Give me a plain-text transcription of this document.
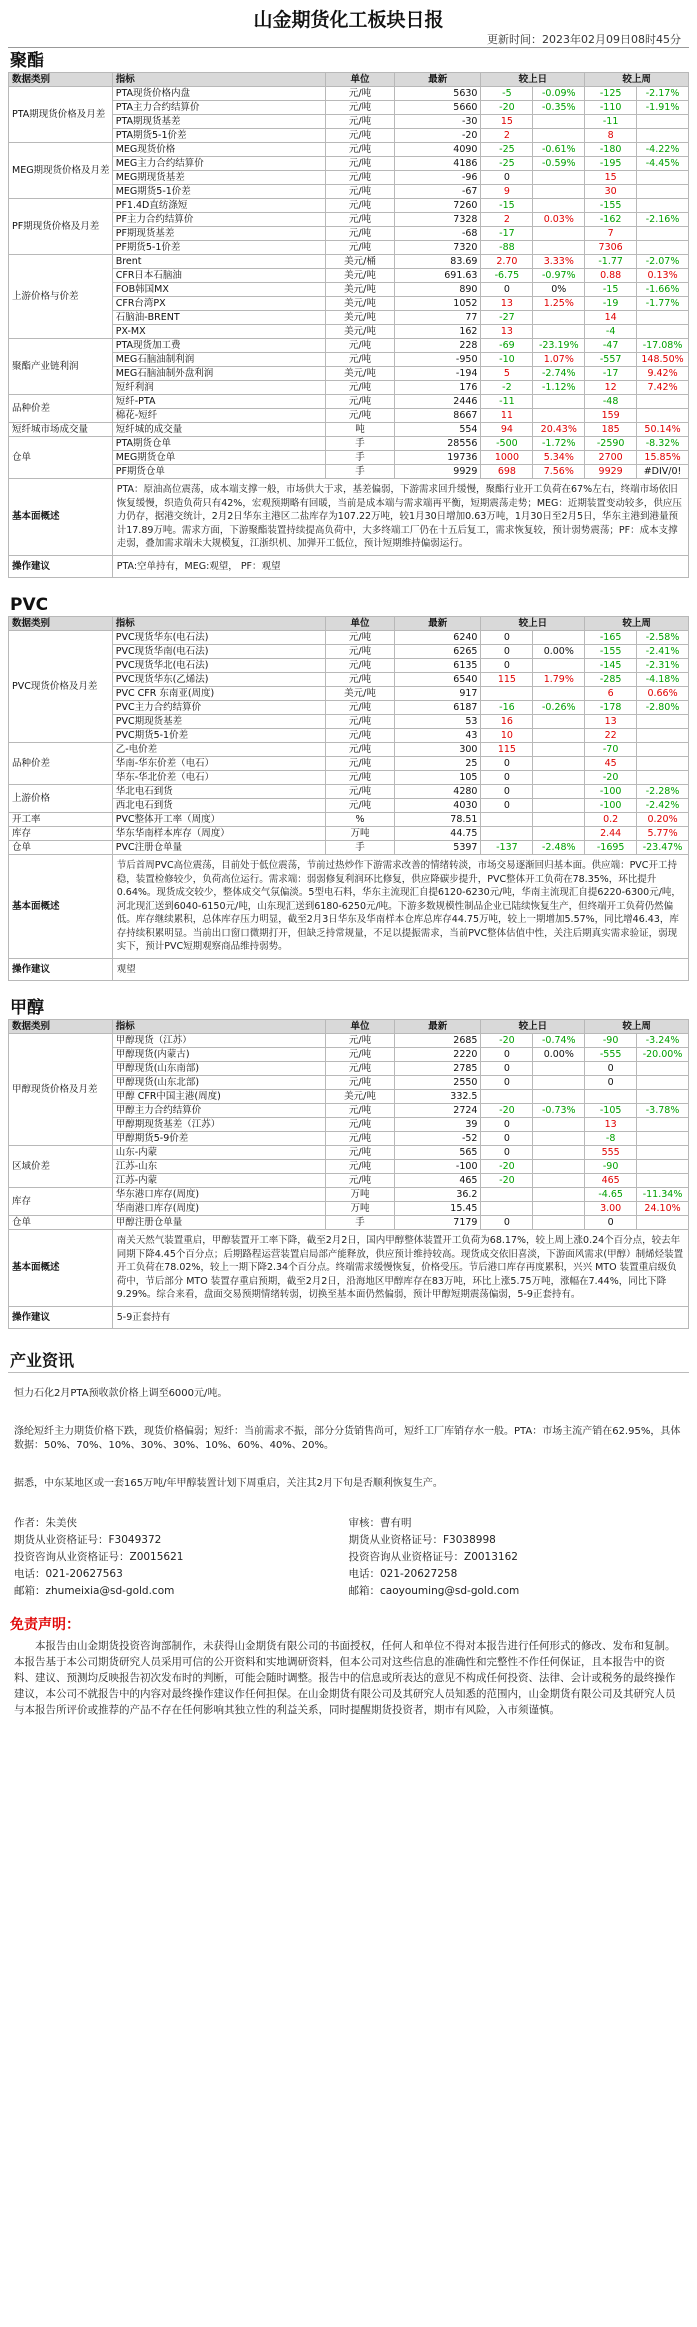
山金期货化工板块日报
更新时间：2023年02月09日08时45分
聚酯
数据类别	指标	单位	最新	较上日		较上周	
PTA期现货价格及月差	PTA现货价格内盘	元/吨	5630	-5	-0.09%	-125	-2.17%
	PTA主力合约结算价	元/吨	5660	-20	-0.35%	-110	-1.91%
	PTA期现货基差	元/吨	-30	15		-11	
	PTA期货5-1价差	元/吨	-20	2		8	
MEG期现货价格及月差	MEG现货价格	元/吨	4090	-25	-0.61%	-180	-4.22%
	MEG主力合约结算价	元/吨	4186	-25	-0.59%	-195	-4.45%
	MEG期现货基差	元/吨	-96	0		15	
	MEG期货5-1价差	元/吨	-67	9		30	
PF期现货价格及月差	PF1.4D直纺涤短	元/吨	7260	-15		-155	
	PF主力合约结算价	元/吨	7328	2	0.03%	-162	-2.16%
	PF期现货基差	元/吨	-68	-17		7	
	PF期货5-1价差	元/吨	7320	-88		7306	
上游价格与价差	Brent	美元/桶	83.69	2.70	3.33%	-1.77	-2.07%
	CFR日本石脑油	美元/吨	691.63	-6.75	-0.97%	0.88	0.13%
	FOB韩国MX	美元/吨	890	0	0%	-15	-1.66%
	CFR台湾PX	美元/吨	1052	13	1.25%	-19	-1.77%
	石脑油-BRENT	美元/吨	77	-27		14	
	PX-MX	美元/吨	162	13		-4	
聚酯产业链利润	PTA现货加工费	元/吨	228	-69	-23.19%	-47	-17.08%
	MEG石脑油制利润	元/吨	-950	-10	1.07%	-557	148.50%
	MEG石脑油制外盘利润	美元/吨	-194	5	-2.74%	-17	9.42%
	短纤利润	元/吨	176	-2	-1.12%	12	7.42%
品种价差	短纤-PTA	元/吨	2446	-11		-48	
	棉花-短纤	元/吨	8667	11		159	
短纤城市场成交量	短纤城的成交量	吨	554	94	20.43%	185	50.14%
仓单	PTA期货仓单	手	28556	-500	-1.72%	-2590	-8.32%
	MEG期货仓单	手	19736	1000	5.34%	2700	15.85%
	PF期货仓单	手	9929	698	7.56%	9929	#DIV/0!
基本面概述	PTA：原油高位震荡，成本端支撑一般，市场供大于求，基差偏弱，下游需求回升缓慢，聚酯行业开工负荷在67%左右，终端市场依旧恢复缓慢，织造负荷只有42%，宏观预期略有回暖，当前是成本端与需求端再平衡，短期震荡走势；MEG：近期装置变动较多，供应压力仍存，据港交统计，2月2日华东主港区二盐库存为107.22万吨，较1月30日增加0.63万吨，1月30日至2月5日，华东主港到港量预计17.89万吨。需求方面，下游聚酯装置持续提高负荷中，大多终端工厂仍在十五后复工，需求恢复较，预计弱势震荡；PF：成本支撑走弱，叠加需求端未大规模复，江浙织机、加弹开工低位，预计短期维持偏弱运行。						
操作建议	PTA:空单持有，MEG:观望， PF：观望						
PVC
数据类别	指标	单位	最新	较上日		较上周	
PVC现货价格及月差	PVC现货华东(电石法)	元/吨	6240	0		-165	-2.58%
	PVC现货华南(电石法)	元/吨	6265	0	0.00%	-155	-2.41%
	PVC现货华北(电石法)	元/吨	6135	0		-145	-2.31%
	PVC现货华东(乙烯法)	元/吨	6540	115	1.79%	-285	-4.18%
	PVC CFR 东南亚(周度)	美元/吨	917			6	0.66%
	PVC主力合约结算价	元/吨	6187	-16	-0.26%	-178	-2.80%
	PVC期现货基差	元/吨	53	16		13	
	PVC期货5-1价差	元/吨	43	10		22	
品种价差	乙-电价差	元/吨	300	115		-70	
	华南-华东价差（电石）	元/吨	25	0		45	
	华东-华北价差（电石）	元/吨	105	0		-20	
上游价格	华北电石到货	元/吨	4280	0		-100	-2.28%
	西北电石到货	元/吨	4030	0		-100	-2.42%
开工率	PVC整体开工率（周度）	%	78.51			0.2	0.20%
库存	华东华南样本库存（周度）	万吨	44.75			2.44	5.77%
仓单	PVC注册仓单量	手	5397	-137	-2.48%	-1695	-23.47%
基本面概述	节后首周PVC高位震荡，目前处于低位震荡，节前过热炒作下游需求改善的情绪转淡，市场交易逐渐回归基本面。供应端：PVC开工持稳，装置检修较少，负荷高位运行。需求端：弱弱修复利润环比修复，供应降碳步提升，PVC整体开工负荷在78.35%，环比提升0.64%。现货成交较少，整体成交气氛偏淡。5型电石料，华东主流现汇自提6120-6230元/吨，华南主流现汇自提6220-6300元/吨，河北现汇送到6040-6150元/吨，山东现汇送到6180-6250元/吨。下游多数规模性制品企业已陆续恢复生产，但终端开工负荷仍然偏低。库存继续累积，总体库存压力明显，截至2月3日华东及华南样本仓库总库存44.75万吨，较上一期增加5.57%，同比增46.43，库存持续积累明显。当前出口窗口微期打开，但缺乏持常规量，不足以提振需求，当前PVC整体估值中性，关注后期真实需求验证，弱现实下，预计PVC短期观察商品维持弱势。						
操作建议	观望						
甲醇
数据类别	指标	单位	最新	较上日		较上周	
甲醇现货价格及月差	甲醇现货（江苏）	元/吨	2685	-20	-0.74%	-90	-3.24%
	甲醇现货(内蒙古)	元/吨	2220	0	0.00%	-555	-20.00%
	甲醇现货(山东南部)	元/吨	2785	0		0	
	甲醇现货(山东北部)	元/吨	2550	0		0	
	甲醇 CFR中国主港(周度)	美元/吨	332.5				
	甲醇主力合约结算价	元/吨	2724	-20	-0.73%	-105	-3.78%
	甲醇期现货基差（江苏）	元/吨	39	0		13	
	甲醇期货5-9价差	元/吨	-52	0		-8	
区域价差	山东-内蒙	元/吨	565	0		555	
	江苏-山东	元/吨	-100	-20		-90	
	江苏-内蒙	元/吨	465	-20		465	
库存	华东港口库存(周度)	万吨	36.2			-4.65	-11.34%
	华南港口库存(周度)	万吨	15.45			3.00	24.10%
仓单	甲醇注册仓单量	手	7179	0		0	
基本面概述	南关天然气装置重启，甲醇装置开工率下降，截至2月2日，国内甲醇整体装置开工负荷为68.17%，较上周上涨0.24个百分点，较去年同期下降4.45个百分点；后期路程运营装置启局部产能释放，供应预计维持较高。现货成交依旧喜淡，下游面风需求(甲醇）制烯烃装置开工负荷在78.02%，较上一期下降2.34个百分点。终端需求缓慢恢复，价格受压。节后港口库存再度累积，兴兴 MTO 装置重启级负荷中，节后部分 MTO 装置存重启预期，截至2月2日，沿海地区甲醇库存在83万吨，环比上涨5.75万吨，涨幅在7.44%，同比下降9.29%。综合来看，盘面交易预期情绪转弱，切换至基本面仍然偏弱，预计甲醇短期震荡偏弱，5-9正套持有。						
操作建议	5-9正套持有						
产业资讯
恒力石化2月PTA预收款价格上调至6000元/吨。
涤纶短纤主力期货价格下跌，现货价格偏弱；短纤：当前需求不振，部分分货销售尚可，短纤工厂库销存水一般。PTA：市场主流产销在62.95%，具体数据：50%、70%、10%、30%、30%、10%、60%、40%、20%。
据悉，中东某地区或一套165万吨/年甲醇装置计划下周重启，关注其2月下旬是否顺利恢复生产。
作者：朱美侠
期货从业资格证号：F3049372
投资咨询从业资格证号：Z0015621
电话：021-20627563
邮箱：zhumeixia@sd-gold.com
审核：曹有明
期货从业资格证号：F3038998
投资咨询从业资格证号：Z0013162
电话：021-20627258
邮箱：caoyouming@sd-gold.com
免责声明：

本报告由山金期货投资咨询部制作，未获得山金期货有限公司的书面授权，任何人和单位不得对本报告进行任何形式的修改、发布和复制。本报告基于本公司期货研究人员采用可信的公开资料和实地调研资料，但本公司对这些信息的准确性和完整性不作任何保证，且本报告中的资料、建议、预测均反映报告初次发布时的判断，可能会随时调整。报告中的信息或所表达的意见不构成任何投资、法律、会计或税务的最终操作建议，本公司不就报告中的内容对最终操作建议作任何担保。在山金期货有限公司及其研究人员知悉的范围内，山金期货有限公司及其研究人员与本报告所评价或推荐的产品不存在任何影响其独立性的利益关系，同时提醒期货投资者，期市有风险，入市须谨慎。
